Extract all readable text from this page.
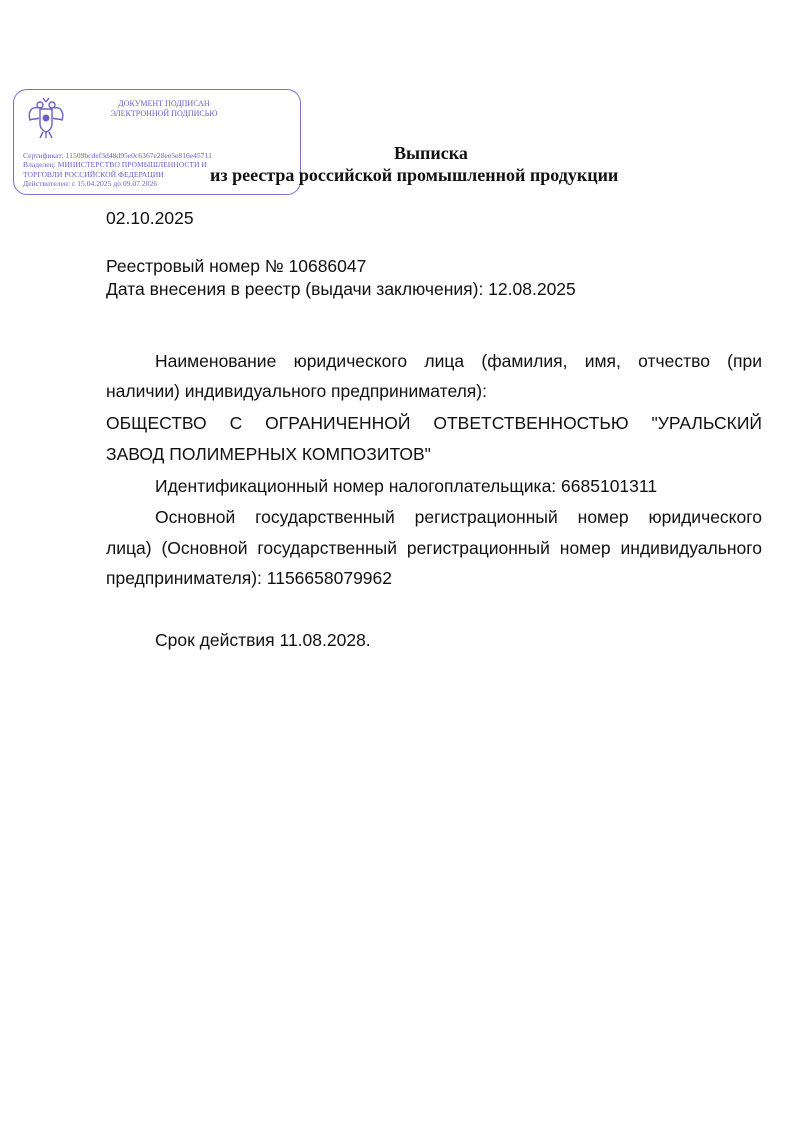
ДОКУМЕНТ ПОДПИСАН
ЭЛЕКТРОННОЙ ПОДПИСЬЮ
Сертификат: 11509bcdef3d48d95e0c6367e28ee5e816e45711
Владелец: МИНИСТЕРСТВО ПРОМЫШЛЕННОСТИ И
ТОРГОВЛИ РОССИЙСКОЙ ФЕДЕРАЦИИ
Действителен: с 15.04.2025 до 09.07.2026
Выписка
из реестра российской промышленной продукции
02.10.2025
Реестровый номер № 10686047
Дата внесения в реестр (выдачи заключения): 12.08.2025
Наименование юридического лица (фамилия, имя, отчество (при
наличии) индивидуального предпринимателя):
ОБЩЕСТВО С ОГРАНИЧЕННОЙ ОТВЕТСТВЕННОСТЬЮ "УРАЛЬСКИЙ
ЗАВОД ПОЛИМЕРНЫХ КОМПОЗИТОВ"
Идентификационный номер налогоплательщика: 6685101311
Основной государственный регистрационный номер юридического
лица) (Основной государственный регистрационный номер индивидуального
предпринимателя): 1156658079962
Срок действия 11.08.2028.
